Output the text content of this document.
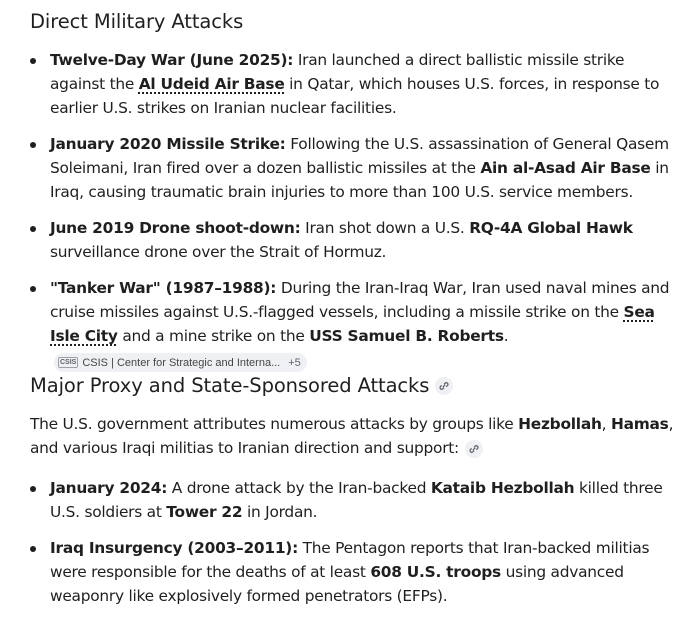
Direct Military Attacks
Twelve-Day War (June 2025): Iran launched a direct ballistic missile strike against the Al Udeid Air Base in Qatar, which houses U.S. forces, in response to earlier U.S. strikes on Iranian nuclear facilities.
January 2020 Missile Strike: Following the U.S. assassination of General Qasem Soleimani, Iran fired over a dozen ballistic missiles at the Ain al-Asad Air Base in Iraq, causing traumatic brain injuries to more than 100 U.S. service members.
June 2019 Drone shoot-down: Iran shot down a U.S. RQ-4A Global Hawk surveillance drone over the Strait of Hormuz.
"Tanker War" (1987–1988): During the Iran-Iraq War, Iran used naval mines and cruise missiles against U.S.-flagged vessels, including a missile strike on the Sea Isle City and a mine strike on the USS Samuel B. Roberts.
CSIS CSIS | Center for Strategic and Interna... +5
Major Proxy and State-Sponsored Attacks
The U.S. government attributes numerous attacks by groups like Hezbollah, Hamas, and various Iraqi militias to Iranian direction and support:
January 2024: A drone attack by the Iran-backed Kataib Hezbollah killed three U.S. soldiers at Tower 22 in Jordan.
Iraq Insurgency (2003–2011): The Pentagon reports that Iran-backed militias were responsible for the deaths of at least 608 U.S. troops using advanced weaponry like explosively formed penetrators (EFPs).
